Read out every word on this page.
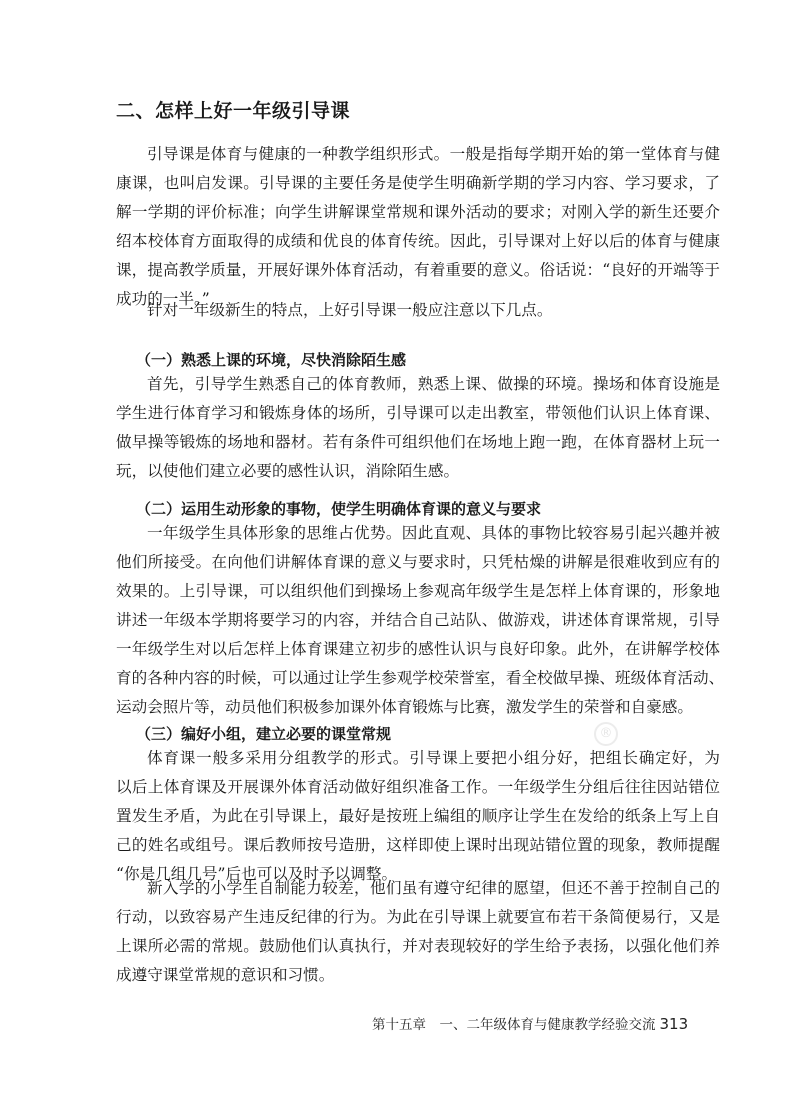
二、怎样上好一年级引导课
引导课是体育与健康的一种教学组织形式。一般是指每学期开始的第一堂体育与健
康课，也叫启发课。引导课的主要任务是使学生明确新学期的学习内容、学习要求，了
解一学期的评价标准；向学生讲解课堂常规和课外活动的要求；对刚入学的新生还要介
绍本校体育方面取得的成绩和优良的体育传统。因此，引导课对上好以后的体育与健康
课，提高教学质量，开展好课外体育活动，有着重要的意义。俗话说：“良好的开端等于
成功的一半。”
针对一年级新生的特点，上好引导课一般应注意以下几点。
（一）熟悉上课的环境，尽快消除陌生感
首先，引导学生熟悉自己的体育教师，熟悉上课、做操的环境。操场和体育设施是
学生进行体育学习和锻炼身体的场所，引导课可以走出教室，带领他们认识上体育课、
做早操等锻炼的场地和器材。若有条件可组织他们在场地上跑一跑，在体育器材上玩一
玩，以使他们建立必要的感性认识，消除陌生感。
（二）运用生动形象的事物，使学生明确体育课的意义与要求
一年级学生具体形象的思维占优势。因此直观、具体的事物比较容易引起兴趣并被
他们所接受。在向他们讲解体育课的意义与要求时，只凭枯燥的讲解是很难收到应有的
效果的。上引导课，可以组织他们到操场上参观高年级学生是怎样上体育课的，形象地
讲述一年级本学期将要学习的内容，并结合自己站队、做游戏，讲述体育课常规，引导
一年级学生对以后怎样上体育课建立初步的感性认识与良好印象。此外，在讲解学校体
育的各种内容的时候，可以通过让学生参观学校荣誉室，看全校做早操、班级体育活动、
运动会照片等，动员他们积极参加课外体育锻炼与比赛，激发学生的荣誉和自豪感。
®
（三）编好小组，建立必要的课堂常规
体育课一般多采用分组教学的形式。引导课上要把小组分好，把组长确定好，为
以后上体育课及开展课外体育活动做好组织准备工作。一年级学生分组后往往因站错位
置发生矛盾，为此在引导课上，最好是按班上编组的顺序让学生在发给的纸条上写上自
己的姓名或组号。课后教师按号造册，这样即使上课时出现站错位置的现象，教师提醒
“你是几组几号”后也可以及时予以调整。
新入学的小学生自制能力较差，他们虽有遵守纪律的愿望，但还不善于控制自己的
行动，以致容易产生违反纪律的行为。为此在引导课上就要宣布若干条简便易行，又是
上课所必需的常规。鼓励他们认真执行，并对表现较好的学生给予表扬，以强化他们养
成遵守课堂常规的意识和习惯。
第十五章　一、二年级体育与健康教学经验交流 313
